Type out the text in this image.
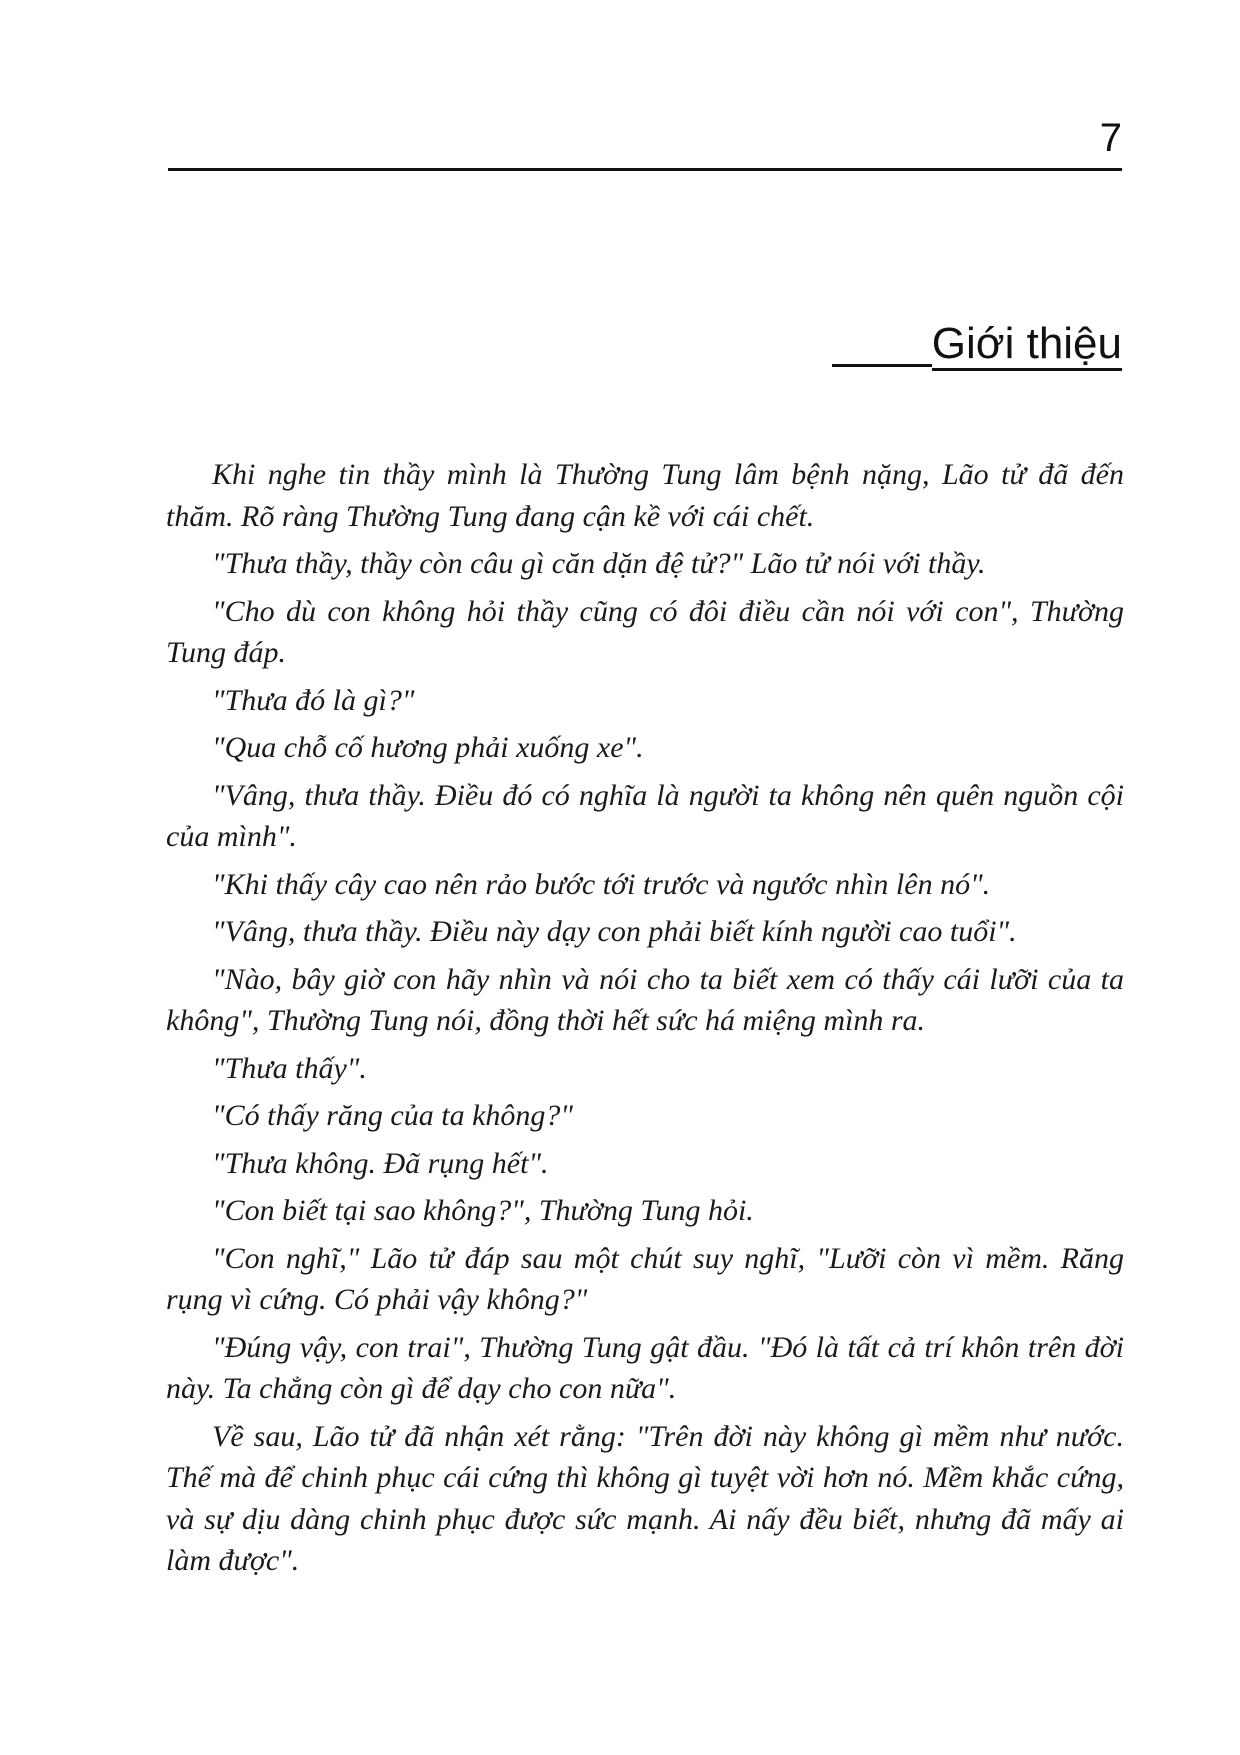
7
Giới thiệu

Khi nghe tin thầy mình là Thường Tung lâm bệnh nặng, Lão tử đã đến thăm. Rõ ràng Thường Tung đang cận kề với cái chết.

"Thưa thầy, thầy còn câu gì căn dặn đệ tử?" Lão tử nói với thầy.

"Cho dù con không hỏi thầy cũng có đôi điều cần nói với con", Thường Tung đáp.

"Thưa đó là gì?"

"Qua chỗ cố hương phải xuống xe".

"Vâng, thưa thầy. Điều đó có nghĩa là người ta không nên quên nguồn cội của mình".

"Khi thấy cây cao nên rảo bước tới trước và ngước nhìn lên nó".

"Vâng, thưa thầy. Điều này dạy con phải biết kính người cao tuổi".

"Nào, bây giờ con hãy nhìn và nói cho ta biết xem có thấy cái lưỡi của ta không", Thường Tung nói, đồng thời hết sức há miệng mình ra.

"Thưa thấy".

"Có thấy răng của ta không?"

"Thưa không. Đã rụng hết".

"Con biết tại sao không?", Thường Tung hỏi.

"Con nghĩ," Lão tử đáp sau một chút suy nghĩ, "Lưỡi còn vì mềm. Răng rụng vì cứng. Có phải vậy không?"

"Đúng vậy, con trai", Thường Tung gật đầu. "Đó là tất cả trí khôn trên đời này. Ta chẳng còn gì để dạy cho con nữa".

Về sau, Lão tử đã nhận xét rằng: "Trên đời này không gì mềm như nước. Thế mà để chinh phục cái cứng thì không gì tuyệt vời hơn nó. Mềm khắc cứng, và sự dịu dàng chinh phục được sức mạnh. Ai nấy đều biết, nhưng đã mấy ai làm được".
